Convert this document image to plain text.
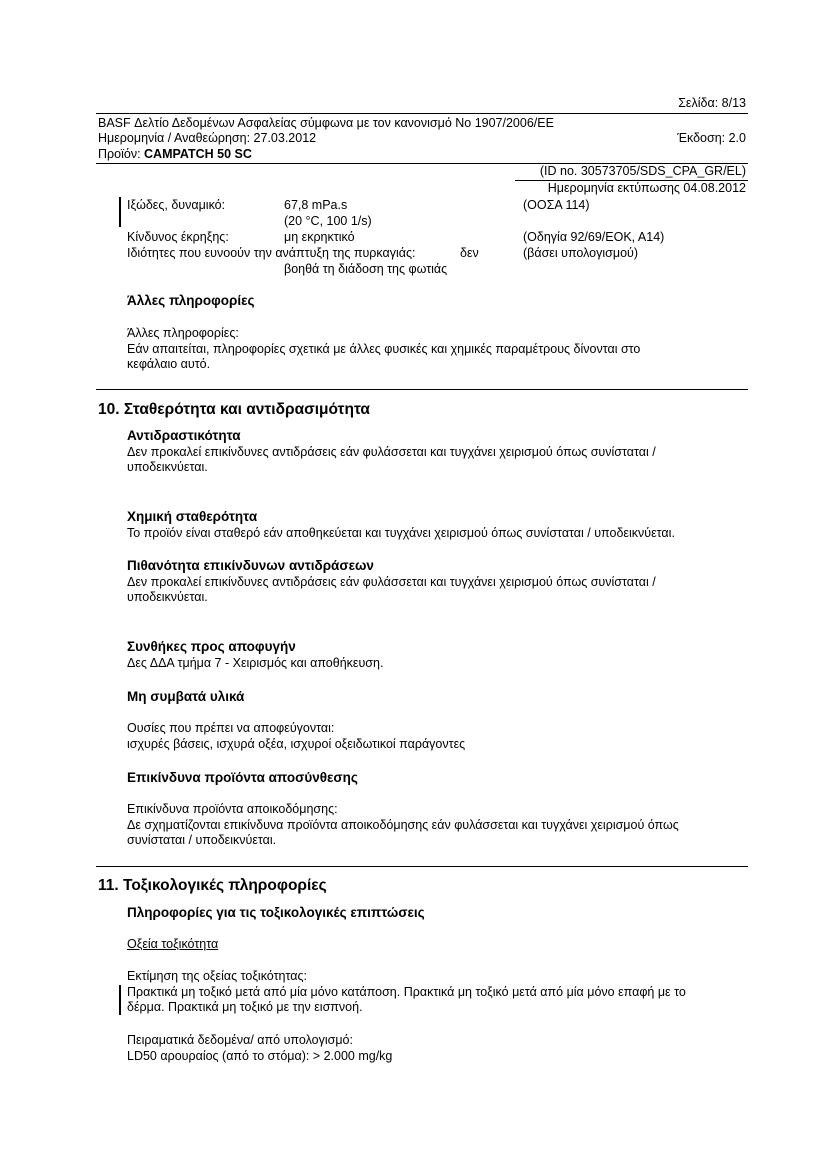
Σελίδα: 8/13
BASF Δελτίο Δεδομένων Ασφαλείας σύμφωνα με τον κανονισμό Νο 1907/2006/ΕΕ
Ημερομηνία / Αναθεώρηση: 27.03.2012	Έκδοση: 2.0
Προϊόν: CAMPATCH 50 SC
(ID no. 30573705/SDS_CPA_GR/EL)
Ημερομηνία εκτύπωσης 04.08.2012
Ιξώδες, δυναμικό:	67,8 mPa.s	(ΟΟΣΑ 114)
(20 °C, 100 1/s)
Κίνδυνος έκρηξης:	μη εκρηκτικό	(Οδηγία 92/69/ΕΟΚ, Α14)
Ιδιότητες που ευνοούν την ανάπτυξη της πυρκαγιάς:	δεν	(βάσει υπολογισμού)
βοηθά τη διάδοση της φωτιάς
Άλλες πληροφορίες
Άλλες πληροφορίες:
Εάν απαιτείται, πληροφορίες σχετικά με άλλες φυσικές και χημικές παραμέτρους δίνονται στο
κεφάλαιο αυτό.
10. Σταθερότητα και αντιδρασιμότητα
Αντιδραστικότητα
Δεν προκαλεί επικίνδυνες αντιδράσεις εάν φυλάσσεται και τυγχάνει χειρισμού όπως συνίσταται /
υποδεικνύεται.
Χημική σταθερότητα
Το προϊόν είναι σταθερό εάν αποθηκεύεται και τυγχάνει χειρισμού όπως συνίσταται / υποδεικνύεται.
Πιθανότητα επικίνδυνων αντιδράσεων
Δεν προκαλεί επικίνδυνες αντιδράσεις εάν φυλάσσεται και τυγχάνει χειρισμού όπως συνίσταται /
υποδεικνύεται.
Συνθήκες προς αποφυγήν
Δες ΔΔΑ τμήμα 7 - Χειρισμός και αποθήκευση.
Μη συμβατά υλικά
Ουσίες που πρέπει να αποφεύγονται:
ισχυρές βάσεις, ισχυρά οξέα, ισχυροί οξειδωτικοί παράγοντες
Επικίνδυνα προϊόντα αποσύνθεσης
Επικίνδυνα προϊόντα αποικοδόμησης:
Δε σχηματίζονται επικίνδυνα προϊόντα αποικοδόμησης εάν φυλάσσεται και τυγχάνει χειρισμού όπως
συνίσταται / υποδεικνύεται.
11. Τοξικολογικές πληροφορίες
Πληροφορίες για τις τοξικολογικές επιπτώσεις
Οξεία τοξικότητα
Εκτίμηση της οξείας τοξικότητας:
Πρακτικά μη τοξικό μετά από μία μόνο κατάποση. Πρακτικά μη τοξικό μετά από μία μόνο επαφή με το
δέρμα. Πρακτικά μη τοξικό με την εισπνοή.
Πειραματικά δεδομένα/ από υπολογισμό:
LD50 αρουραίος (από το στόμα): > 2.000 mg/kg
